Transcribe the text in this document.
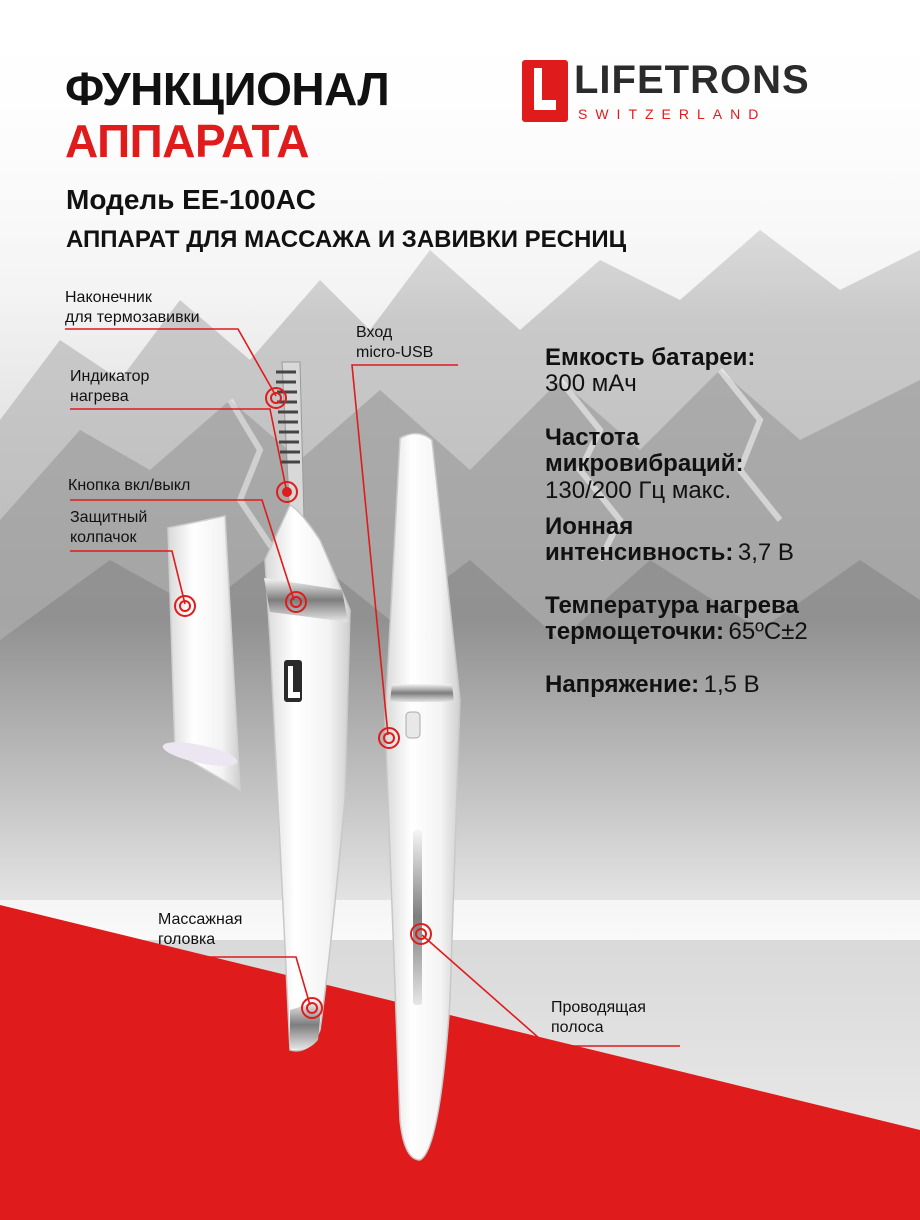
LIFETRONS
SWITZERLAND
ФУНКЦИОНАЛ
АППАРАТА
Модель EE-100AC
АППАРАТ ДЛЯ МАССАЖА И ЗАВИВКИ РЕСНИЦ
Наконечник
для термозавивки
Индикатор
нагрева
Кнопка вкл/выкл
Защитный
колпачок
Вход
micro-USB
Массажная
головка
Проводящая
полоса
Емкость батареи:
300 мАч
Частота
микровибраций:
130/200 Гц макс.
Ионная
интенсивность: 3,7 В
Температура нагрева
термощеточки: 65ºC±2
Напряжение: 1,5 В
